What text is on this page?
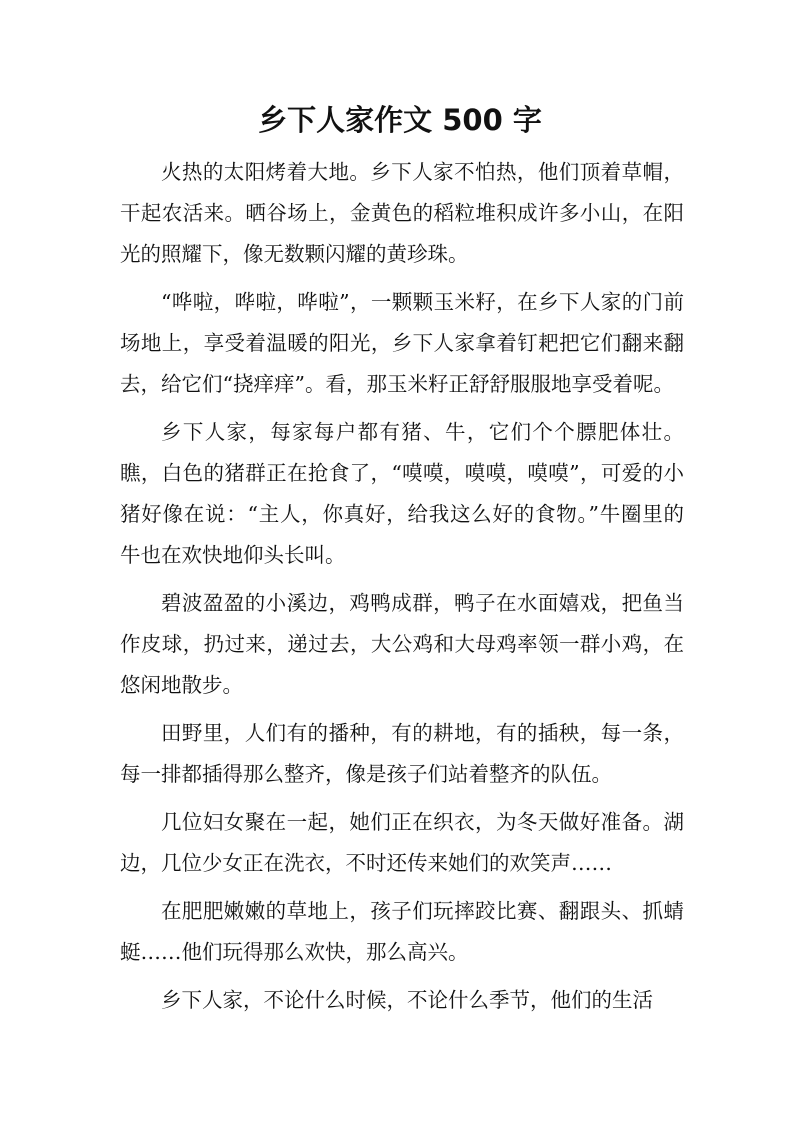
乡下人家作文 500 字

火热的太阳烤着大地。乡下人家不怕热，他们顶着草帽，干起农活来。晒谷场上，金黄色的稻粒堆积成许多小山，在阳光的照耀下，像无数颗闪耀的黄珍珠。

“哗啦，哗啦，哗啦”，一颗颗玉米籽，在乡下人家的门前场地上，享受着温暖的阳光，乡下人家拿着钉耙把它们翻来翻去，给它们“挠痒痒”。看，那玉米籽正舒舒服服地享受着呢。

乡下人家，每家每户都有猪、牛，它们个个膘肥体壮。瞧，白色的猪群正在抢食了，“嗼嗼，嗼嗼，嗼嗼”，可爱的小猪好像在说：“主人，你真好，给我这么好的食物。”牛圈里的牛也在欢快地仰头长叫。

碧波盈盈的小溪边，鸡鸭成群，鸭子在水面嬉戏，把鱼当作皮球，扔过来，递过去，大公鸡和大母鸡率领一群小鸡，在悠闲地散步。

田野里，人们有的播种，有的耕地，有的插秧，每一条，每一排都插得那么整齐，像是孩子们站着整齐的队伍。

几位妇女聚在一起，她们正在织衣，为冬天做好准备。湖边，几位少女正在洗衣，不时还传来她们的欢笑声……

在肥肥嫩嫩的草地上，孩子们玩摔跤比赛、翻跟头、抓蜻蜓……他们玩得那么欢快，那么高兴。

乡下人家，不论什么时候，不论什么季节，他们的生活
